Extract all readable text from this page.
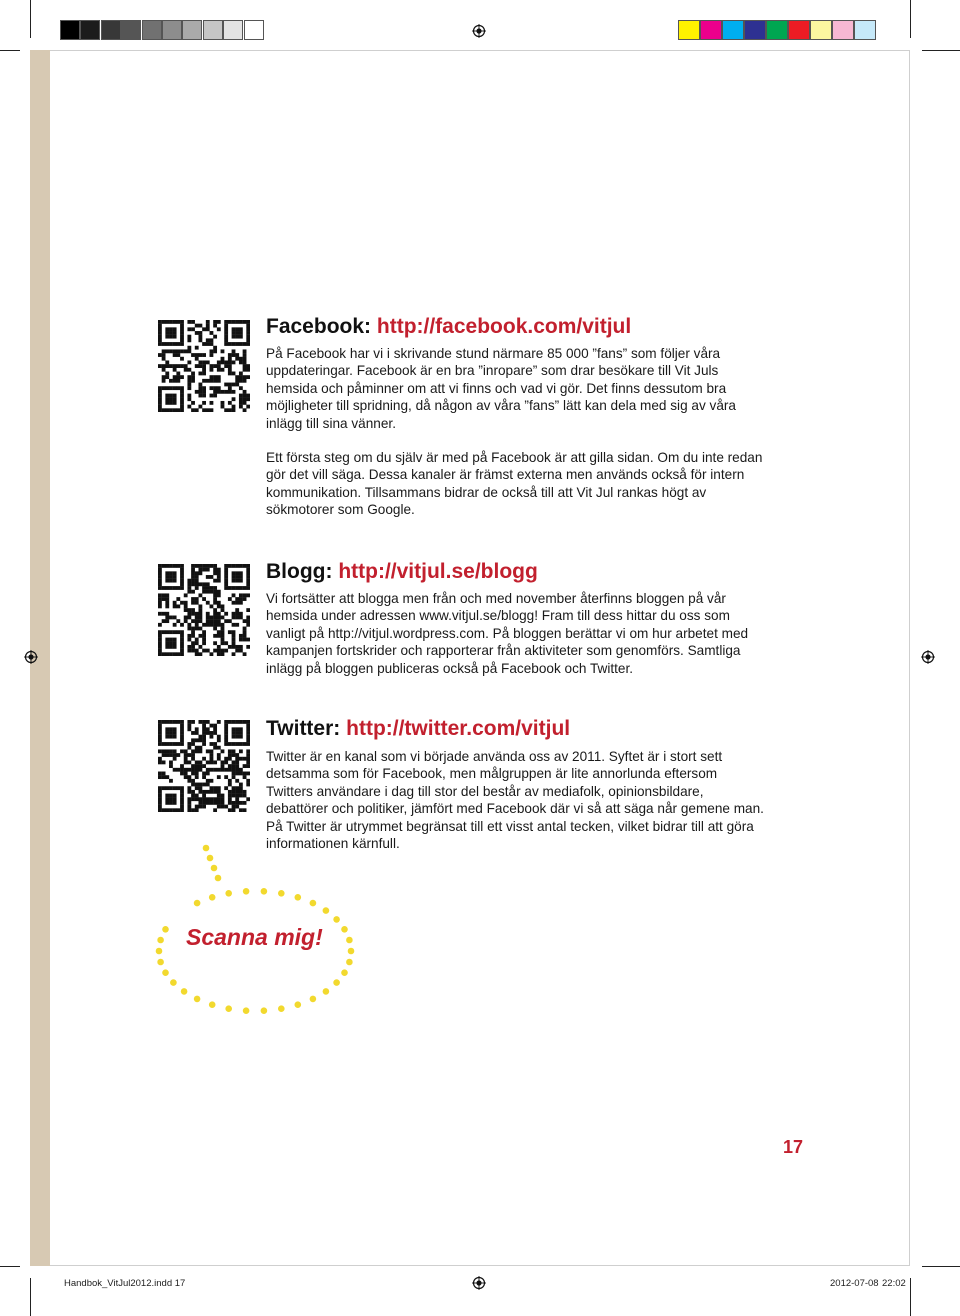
Facebook: http://facebook.com/vitjul

På Facebook har vi i skrivande stund närmare 85 000 ”fans” som följer våra uppdateringar. Facebook är en bra ”inropare” som drar besökare till Vit Juls hemsida och påminner om att vi finns och vad vi gör. Det finns dessutom bra möjligheter till spridning, då någon av våra ”fans” lätt kan dela med sig av våra inlägg till sina vänner.

Ett första steg om du själv är med på Facebook är att gilla sidan. Om du inte redan gör det vill säga. Dessa kanaler är främst externa men används också för intern kommunikation. Tillsammans bidrar de också till att Vit Jul rankas högt av sökmotorer som Google.

Blogg: http://vitjul.se/blogg

Vi fortsätter att blogga men från och med november återfinns bloggen på vår hemsida under adressen www.vitjul.se/blogg! Fram till dess hittar du oss som vanligt på http://vitjul.wordpress.com. På bloggen berättar vi om hur arbetet med kampanjen fortskrider och rapporterar från aktiviteter som genomförs. Samtliga inlägg på bloggen publiceras också på Facebook och Twitter.

Twitter: http://twitter.com/vitjul

Twitter är en kanal som vi började använda oss av 2011. Syftet är i stort sett detsamma som för Facebook, men målgruppen är lite annorlunda eftersom Twitters användare i dag till stor del består av mediafolk, opinionsbildare, debattörer och politiker, jämfört med Facebook där vi så att säga når gemene man. På Twitter är utrymmet begränsat till ett visst antal tecken, vilket bidrar till att göra informationen kärnfull.

Scanna mig!
17
Handbok_VitJul2012.indd 17	2012-07-08 22:02
